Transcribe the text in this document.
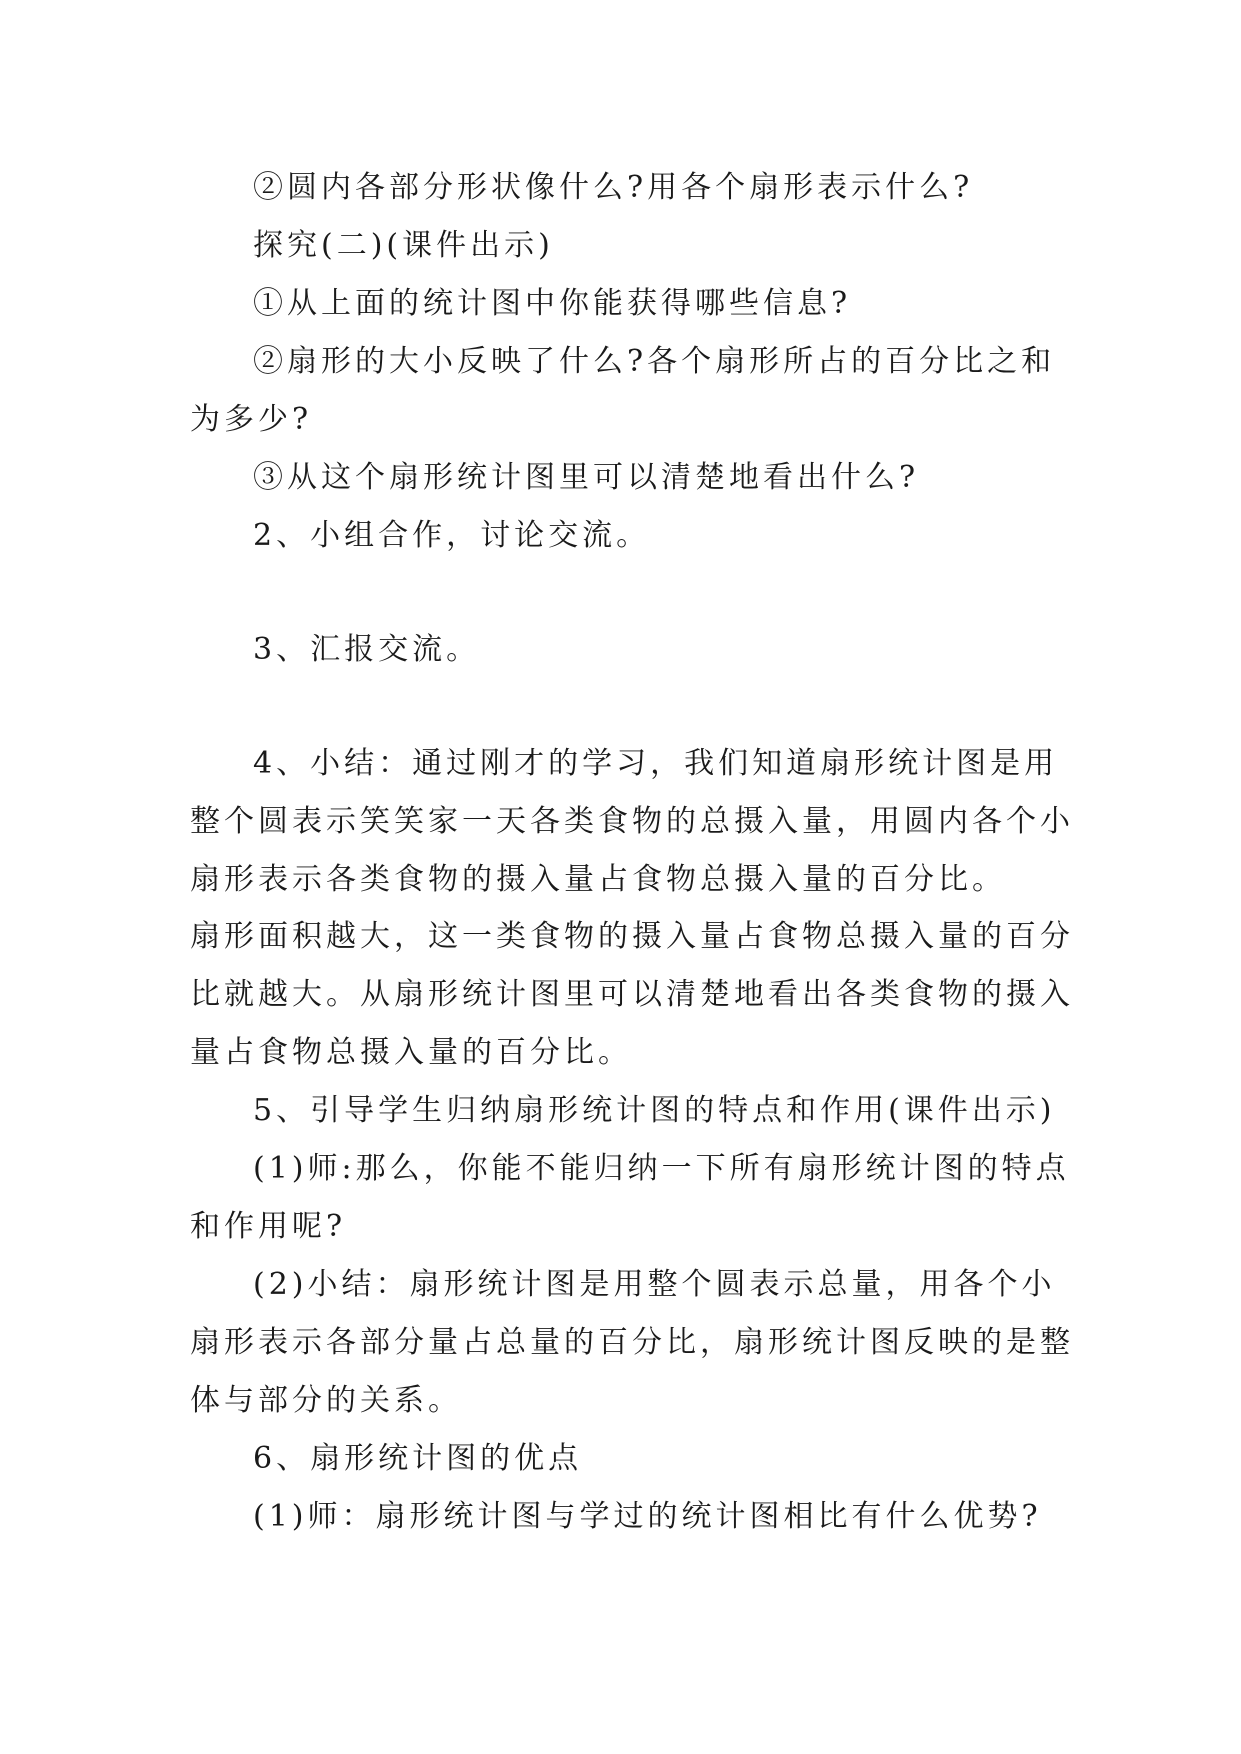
②圆内各部分形状像什么?用各个扇形表示什么?
探究(二)(课件出示)
①从上面的统计图中你能获得哪些信息?
②扇形的大小反映了什么?各个扇形所占的百分比之和
为多少?
③从这个扇形统计图里可以清楚地看出什么?
2、小组合作，讨论交流。
3、汇报交流。
4、小结：通过刚才的学习，我们知道扇形统计图是用
整个圆表示笑笑家一天各类食物的总摄入量，用圆内各个小
扇形表示各类食物的摄入量占食物总摄入量的百分比。
扇形面积越大，这一类食物的摄入量占食物总摄入量的百分
比就越大。从扇形统计图里可以清楚地看出各类食物的摄入
量占食物总摄入量的百分比。
5、引导学生归纳扇形统计图的特点和作用(课件出示)
(1)师:那么，你能不能归纳一下所有扇形统计图的特点
和作用呢?
(2)小结：扇形统计图是用整个圆表示总量，用各个小
扇形表示各部分量占总量的百分比，扇形统计图反映的是整
体与部分的关系。
6、扇形统计图的优点
(1)师：扇形统计图与学过的统计图相比有什么优势?
